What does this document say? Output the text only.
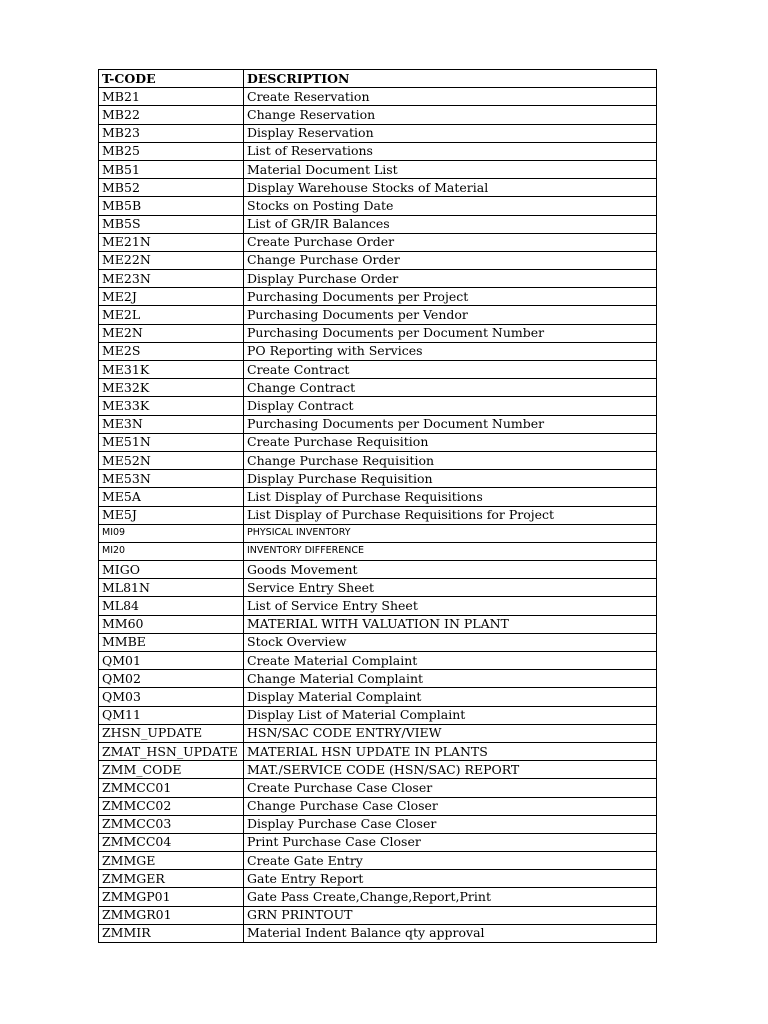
T-CODE	DESCRIPTION
MB21	Create Reservation
MB22	Change Reservation
MB23	Display Reservation
MB25	List of Reservations
MB51	Material Document List
MB52	Display Warehouse Stocks of Material
MB5B	Stocks on Posting Date
MB5S	List of GR/IR Balances
ME21N	Create Purchase Order
ME22N	Change Purchase Order
ME23N	Display Purchase Order
ME2J	Purchasing Documents per Project
ME2L	Purchasing Documents per Vendor
ME2N	Purchasing Documents per Document Number
ME2S	PO Reporting with Services
ME31K	Create Contract
ME32K	Change Contract
ME33K	Display Contract
ME3N	Purchasing Documents per Document Number
ME51N	Create Purchase Requisition
ME52N	Change Purchase Requisition
ME53N	Display Purchase Requisition
ME5A	List Display of Purchase Requisitions
ME5J	List Display of Purchase Requisitions for Project
MI09	PHYSICAL INVENTORY
MI20	INVENTORY DIFFERENCE
MIGO	Goods Movement
ML81N	Service Entry Sheet
ML84	List of Service Entry Sheet
MM60	MATERIAL WITH VALUATION IN PLANT
MMBE	Stock Overview
QM01	Create Material Complaint
QM02	Change Material Complaint
QM03	Display Material Complaint
QM11	Display List of Material Complaint
ZHSN_UPDATE	HSN/SAC CODE ENTRY/VIEW
ZMAT_HSN_UPDATE	MATERIAL HSN UPDATE IN PLANTS
ZMM_CODE	MAT./SERVICE CODE (HSN/SAC) REPORT
ZMMCC01	Create Purchase Case Closer
ZMMCC02	Change Purchase Case Closer
ZMMCC03	Display Purchase Case Closer
ZMMCC04	Print Purchase Case Closer
ZMMGE	Create Gate Entry
ZMMGER	Gate Entry Report
ZMMGP01	Gate Pass Create,Change,Report,Print
ZMMGR01	GRN PRINTOUT
ZMMIR	Material Indent Balance qty approval
